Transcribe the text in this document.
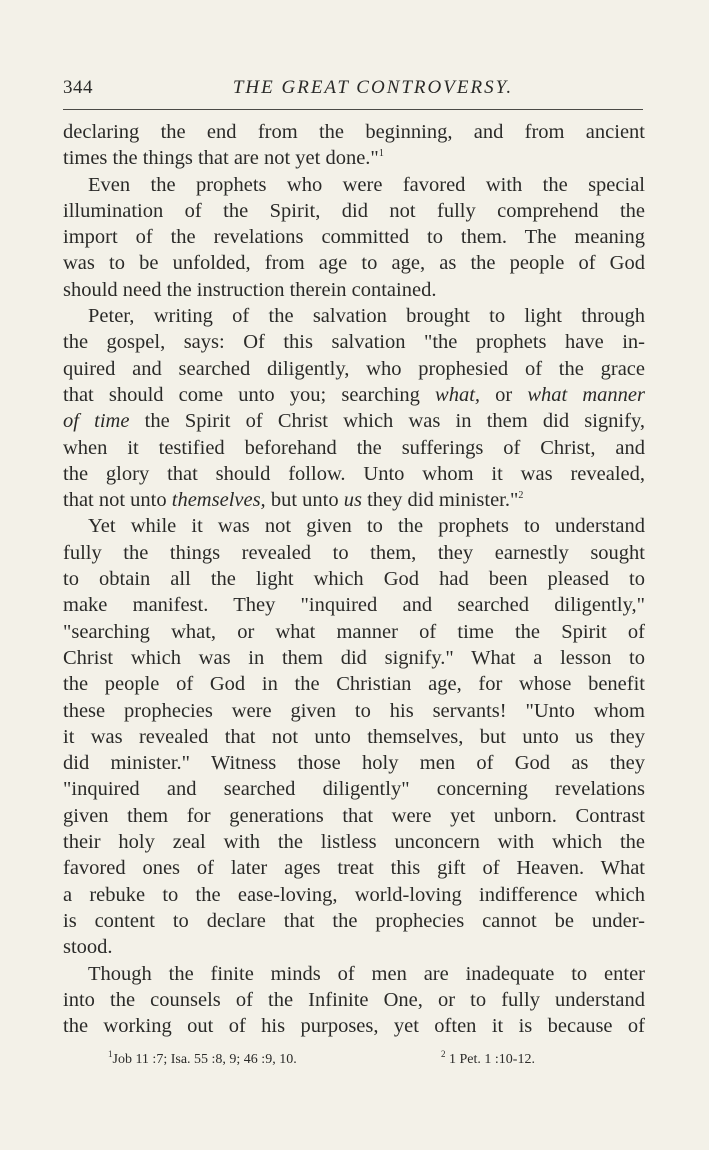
344	THE GREAT CONTROVERSY.
declaring the end from the beginning, and from ancient
times the things that are not yet done."$^1$
Even the prophets who were favored with the special
illumination of the Spirit, did not fully comprehend the
import of the revelations committed to them. The meaning
was to be unfolded, from age to age, as the people of God
should need the instruction therein contained.
Peter, writing of the salvation brought to light through
the gospel, says: Of this salvation "the prophets have in-
quired and searched diligently, who prophesied of the grace
that should come unto you; searching what, or what manner
of time the Spirit of Christ which was in them did signify,
when it testified beforehand the sufferings of Christ, and
the glory that should follow. Unto whom it was revealed,
that not unto themselves, but unto us they did minister."$^2$
Yet while it was not given to the prophets to understand
fully the things revealed to them, they earnestly sought
to obtain all the light which God had been pleased to
make manifest. They "inquired and searched diligently,"
"searching what, or what manner of time the Spirit of
Christ which was in them did signify." What a lesson to
the people of God in the Christian age, for whose benefit
these prophecies were given to his servants! "Unto whom
it was revealed that not unto themselves, but unto us they
did minister." Witness those holy men of God as they
"inquired and searched diligently" concerning revelations
given them for generations that were yet unborn. Contrast
their holy zeal with the listless unconcern with which the
favored ones of later ages treat this gift of Heaven. What
a rebuke to the ease-loving, world-loving indifference which
is content to declare that the prophecies cannot be under-
stood.
Though the finite minds of men are inadequate to enter
into the counsels of the Infinite One, or to fully understand
the working out of his purposes, yet often it is because of
$^1$Job 11 :7; Isa. 55 :8, 9; 46 :9, 10.	$^2$ 1 Pet. 1 :10-12.
